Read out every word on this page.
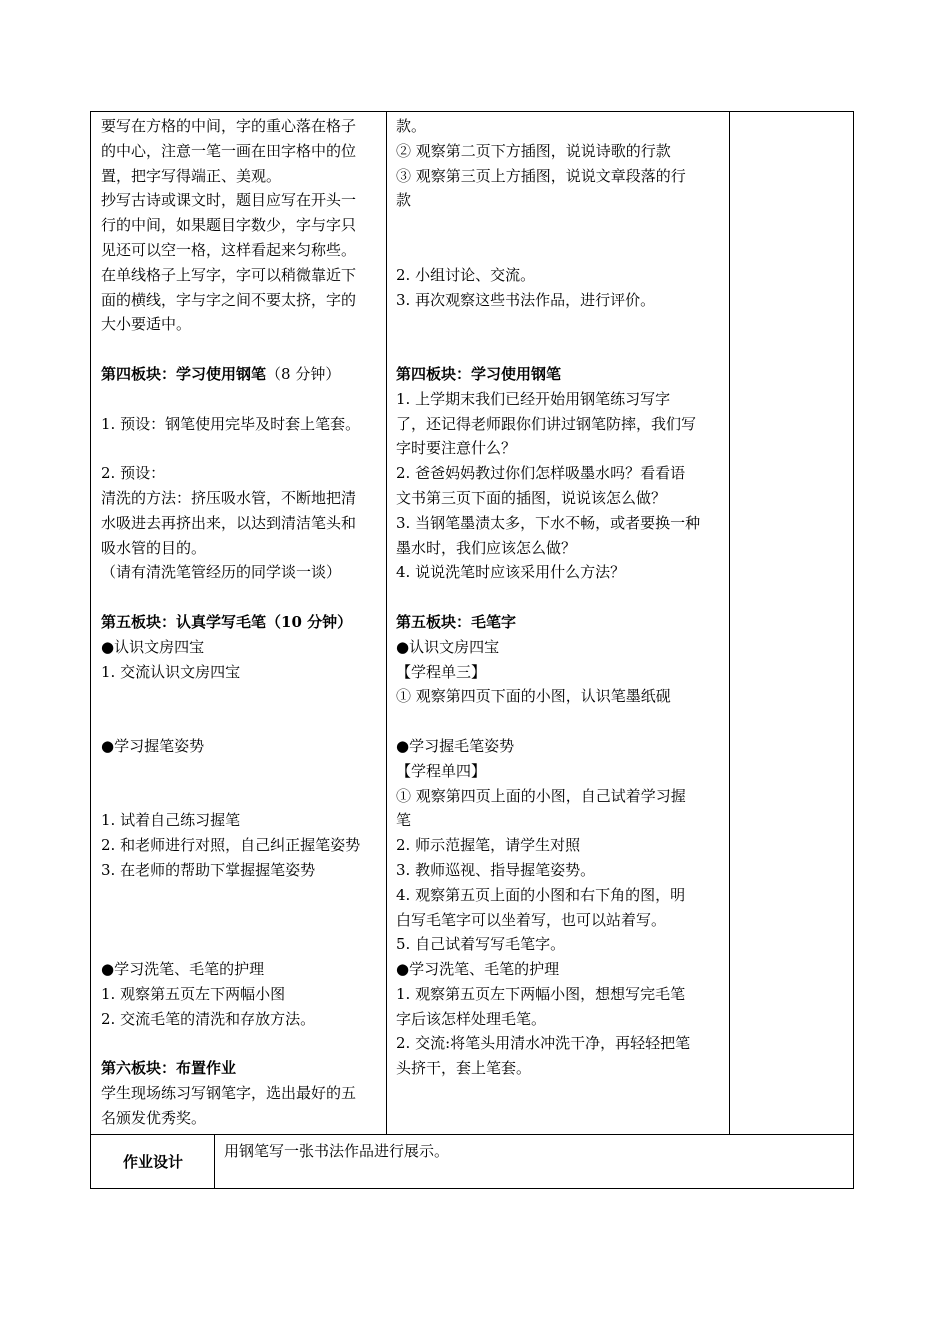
要写在方格的中间，字的重心落在格子
的中心，注意一笔一画在田字格中的位
置，把字写得端正、美观。
抄写古诗或课文时，题目应写在开头一
行的中间，如果题目字数少，字与字只
见还可以空一格，这样看起来匀称些。
在单线格子上写字，字可以稍微靠近下
面的横线，字与字之间不要太挤，字的
大小要适中。
第四板块：学习使用钢笔（8 分钟）
1. 预设：钢笔使用完毕及时套上笔套。
2. 预设：
清洗的方法：挤压吸水管，不断地把清
水吸进去再挤出来，以达到清洁笔头和
吸水管的目的。
（请有清洗笔管经历的同学谈一谈）
第五板块：认真学写毛笔（10 分钟）
●认识文房四宝
1. 交流认识文房四宝
●学习握笔姿势
1. 试着自己练习握笔
2. 和老师进行对照，自己纠正握笔姿势
3. 在老师的帮助下掌握握笔姿势
●学习洗笔、毛笔的护理
1. 观察第五页左下两幅小图
2. 交流毛笔的清洗和存放方法。
第六板块：布置作业
学生现场练习写钢笔字，选出最好的五
名颁发优秀奖。
款。
② 观察第二页下方插图，说说诗歌的行款
③ 观察第三页上方插图，说说文章段落的行
款
2. 小组讨论、交流。
3. 再次观察这些书法作品，进行评价。
第四板块：学习使用钢笔
1. 上学期末我们已经开始用钢笔练习写字
了，还记得老师跟你们讲过钢笔防摔，我们写
字时要注意什么？
2. 爸爸妈妈教过你们怎样吸墨水吗？看看语
文书第三页下面的插图，说说该怎么做？
3. 当钢笔墨渍太多，下水不畅，或者要换一种
墨水时，我们应该怎么做？
4. 说说洗笔时应该采用什么方法？
第五板块：毛笔字
●认识文房四宝
【学程单三】
① 观察第四页下面的小图，认识笔墨纸砚
●学习握毛笔姿势
【学程单四】
① 观察第四页上面的小图，自己试着学习握
笔
2. 师示范握笔，请学生对照
3. 教师巡视、指导握笔姿势。
4. 观察第五页上面的小图和右下角的图，明
白写毛笔字可以坐着写，也可以站着写。
5. 自己试着写写毛笔字。
●学习洗笔、毛笔的护理
1. 观察第五页左下两幅小图，想想写完毛笔
字后该怎样处理毛笔。
2. 交流:将笔头用清水冲洗干净，再轻轻把笔
头挤干，套上笔套。
作业设计
用钢笔写一张书法作品进行展示。
